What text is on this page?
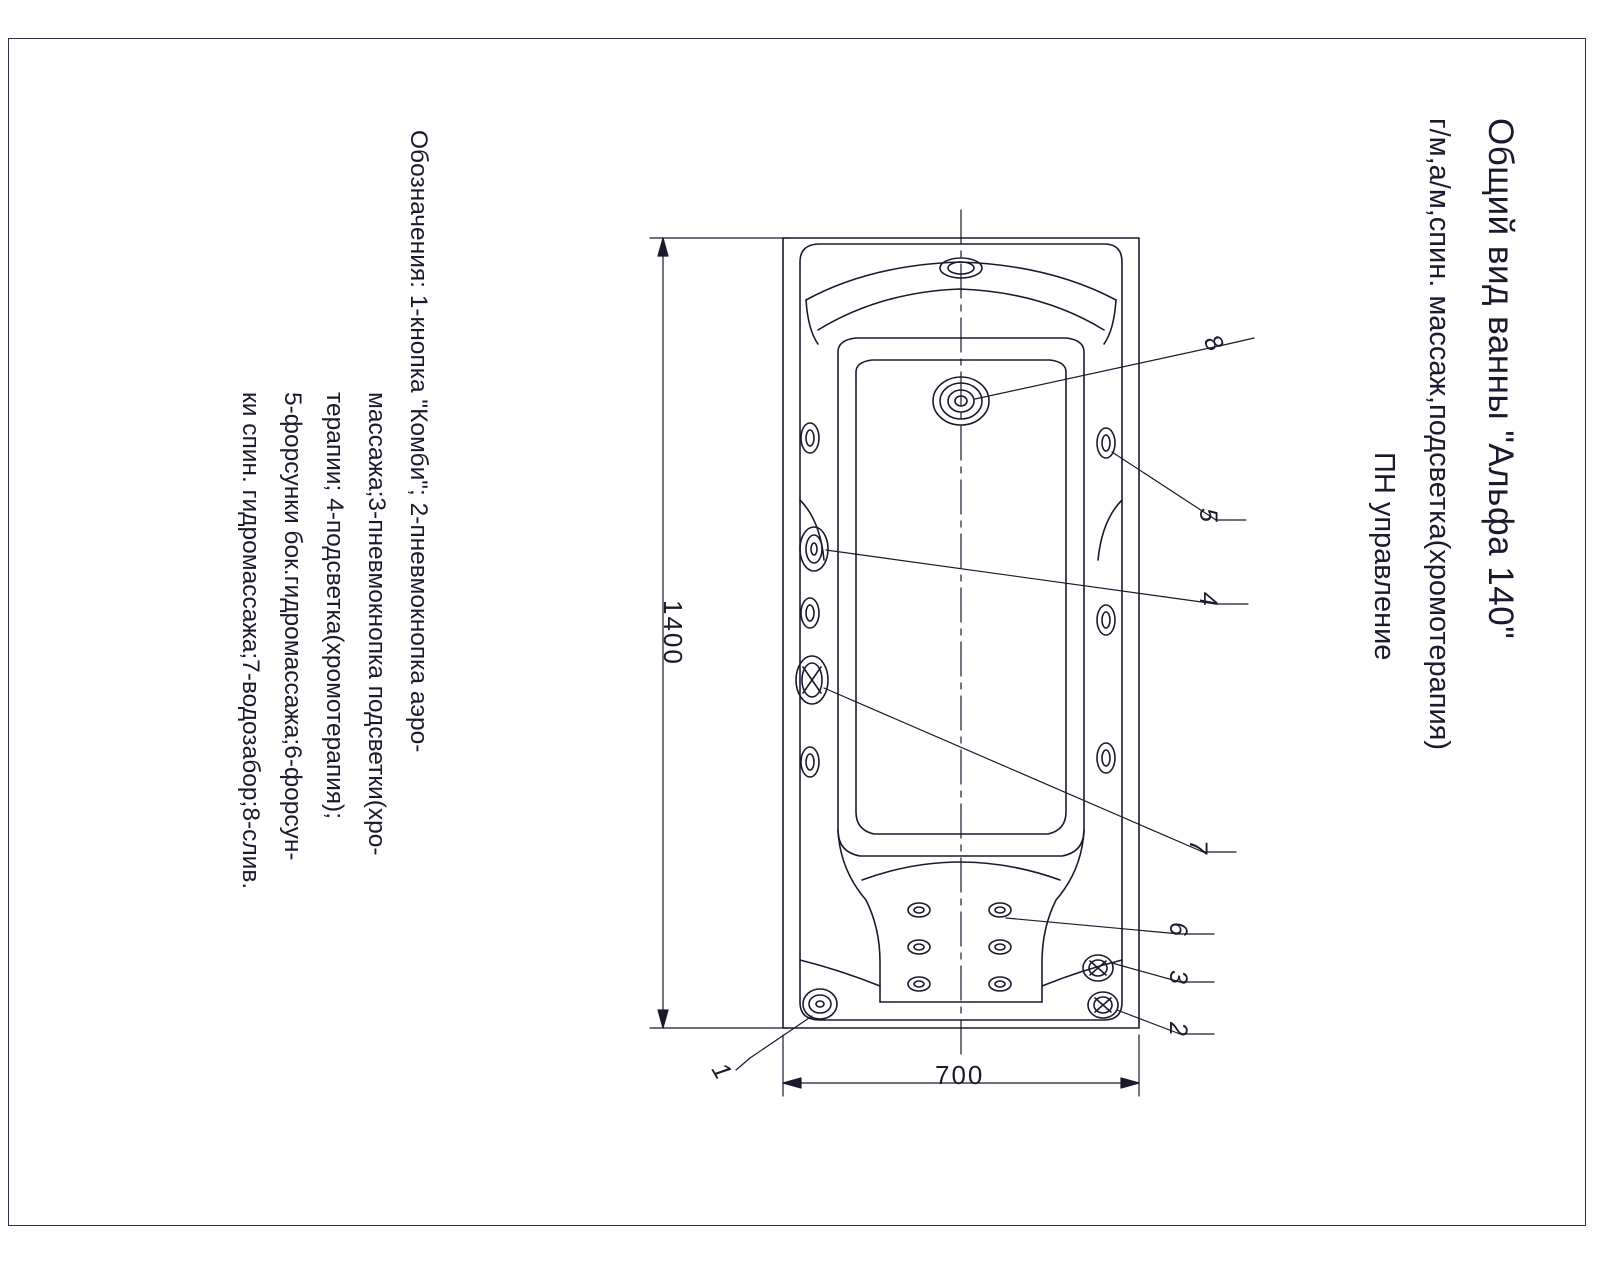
Общий вид ванны "Альфа 140"
г/м,а/м,спин. массаж,подсветка(хромотерапия)
ПН управление
Обозначения: 1-кнопка "Комби"; 2-пневмокнопка аэро-
массажа;3-пневмокнопка подсветки(хро-
терапии; 4-подсветка(хромотерапия);
5-форсунки бок.гидромассажа;6-форсун-
ки спин. гидромассажа;7-водозабор;8-слив.	1400
700
8
5
4
7
6
3
2
1
